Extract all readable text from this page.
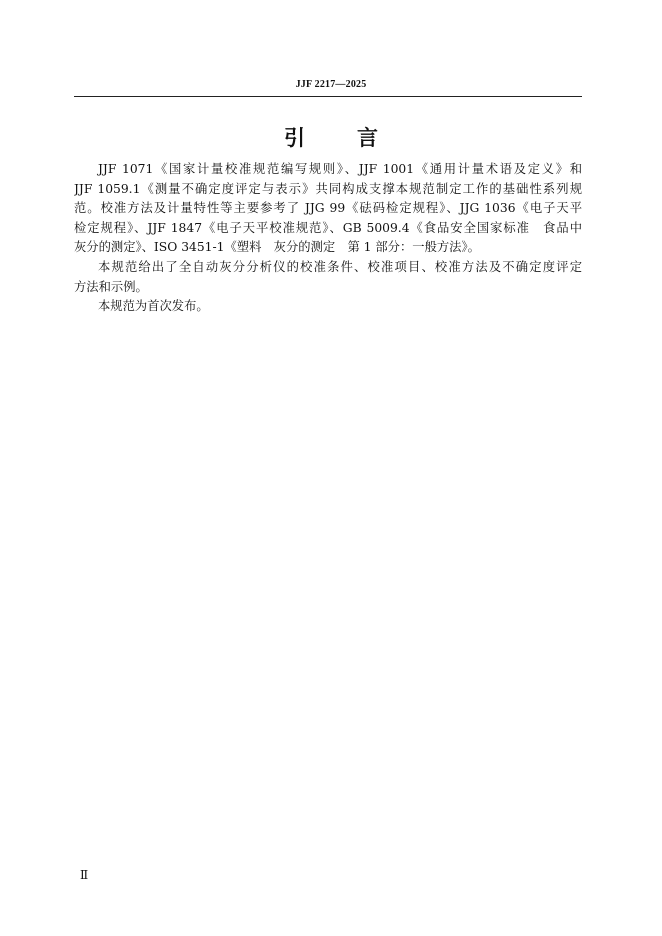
JJF 2217—2025
引 言
JJF 1071《国家计量校准规范编写规则》、JJF 1001《通用计量术语及定义》和
JJF 1059.1《测量不确定度评定与表示》共同构成支撑本规范制定工作的基础性系列规
范。校准方法及计量特性等主要参考了 JJG 99《砝码检定规程》、JJG 1036《电子天平
检定规程》、JJF 1847《电子天平校准规范》、GB 5009.4《食品安全国家标准　食品中
灰分的测定》、ISO 3451-1《塑料　灰分的测定　第 1 部分：一般方法》。
本规范给出了全自动灰分分析仪的校准条件、校准项目、校准方法及不确定度评定
方法和示例。
本规范为首次发布。
Ⅱ
